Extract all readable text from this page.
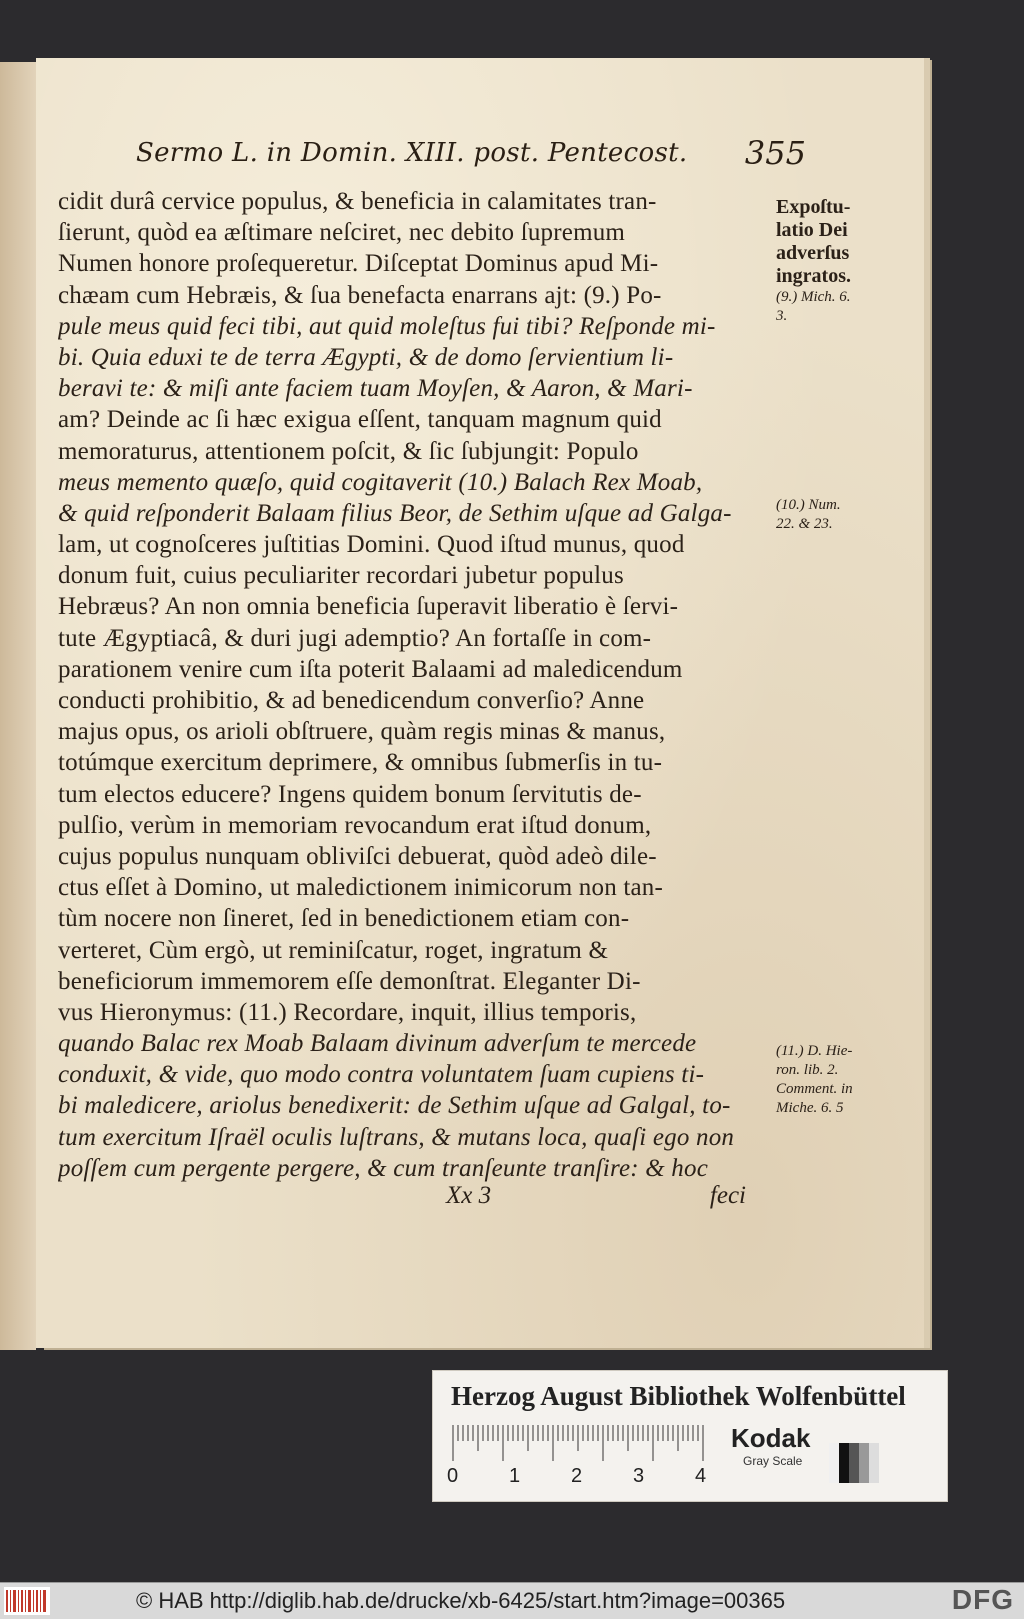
Sermo L. in Domin. XIII. post. Pentecost. 355
cidit durâ cervice populus, & beneficia in calamitates tran-
ſierunt, quòd ea æſtimare neſciret, nec debito ſupremum
Numen honore proſequeretur. Diſceptat Dominus apud Mi-
chæam cum Hebræis, & ſua benefacta enarrans ajt: (9.) Po-
pule meus quid feci tibi, aut quid moleſtus fui tibi? Reſponde mi-
bi. Quia eduxi te de terra Ægypti, & de domo ſervientium li-
beravi te: & miſi ante faciem tuam Moyſen, & Aaron, & Mari-
am? Deinde ac ſi hæc exigua eſſent, tanquam magnum quid
memoraturus, attentionem poſcit, & ſic ſubjungit: Populo
meus memento quæſo, quid cogitaverit (10.) Balach Rex Moab,
& quid reſponderit Balaam filius Beor, de Sethim uſque ad Galga-
lam, ut cognoſceres juſtitias Domini. Quod iſtud munus, quod
donum fuit, cuius peculiariter recordari jubetur populus
Hebræus? An non omnia beneficia ſuperavit liberatio è ſervi-
tute Ægyptiacâ, & duri jugi ademptio? An fortaſſe in com-
parationem venire cum iſta poterit Balaami ad maledicendum
conducti prohibitio, & ad benedicendum converſio? Anne
majus opus, os arioli obſtruere, quàm regis minas & manus,
totúmque exercitum deprimere, & omnibus ſubmerſis in tu-
tum electos educere? Ingens quidem bonum ſervitutis de-
pulſio, verùm in memoriam revocandum erat iſtud donum,
cujus populus nunquam obliviſci debuerat, quòd adeò dile-
ctus eſſet à Domino, ut maledictionem inimicorum non tan-
tùm nocere non ſineret, ſed in benedictionem etiam con-
verteret, Cùm ergò, ut reminiſcatur, roget, ingratum &
beneficiorum immemorem eſſe demonſtrat. Eleganter Di-
vus Hieronymus: (11.) Recordare, inquit, illius temporis,
quando Balac rex Moab Balaam divinum adverſum te mercede
conduxit, & vide, quo modo contra voluntatem ſuam cupiens ti-
bi maledicere, ariolus benedixerit: de Sethim uſque ad Galgal, to-
tum exercitum Iſraël oculis luſtrans, & mutans loca, quaſi ego non
poſſem cum pergente pergere, & cum tranſeunte tranſire: & hoc
Expoſtu-
latio Dei
adverſus
ingratos.
(9.) Mich. 6.
3.
(10.) Num.
22. & 23.
(11.) D. Hie-
ron. lib. 2.
Comment. in
Miche. 6. 5
Xx 3	feci
Herzog August Bibliothek Wolfenbüttel
0	1	2	3	4
Kodak
Gray Scale
© HAB http://diglib.hab.de/drucke/xb-6425/start.htm?image=00365	DFG
